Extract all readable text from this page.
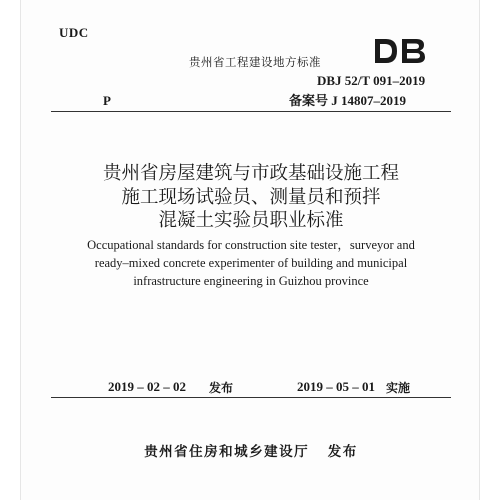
UDC
贵州省工程建设地方标准
DBJ 52/T 091–2019
备案号 J 14807–2019
P
贵州省房屋建筑与市政基础设施工程
施工现场试验员、测量员和预拌
混凝土实验员职业标准
Occupational standards for construction site tester，surveyor and
ready–mixed concrete experimenter of building and municipal
infrastructure engineering in Guizhou province
2019 – 02 – 02 发布	2019 – 05 – 01 实施
贵州省住房和城乡建设厅   发布
